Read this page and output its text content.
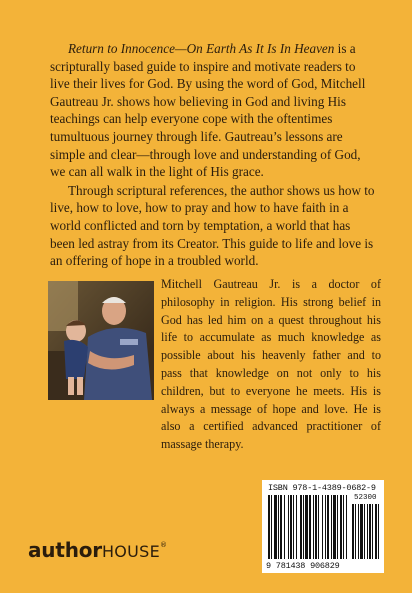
Return to Innocence—On Earth As It Is In Heaven is a scripturally based guide to inspire and motivate readers to live their lives for God. By using the word of God, Mitchell Gautreau Jr. shows how believing in God and living His teachings can help everyone cope with the oftentimes tumultuous journey through life. Gautreau’s lessons are simple and clear—through love and understanding of God, we can all walk in the light of His grace.

Through scriptural references, the author shows us how to live, how to love, how to pray and how to have faith in a world conflicted and torn by temptation, a world that has been led astray from its Creator. This guide to life and love is an offering of hope in a troubled world.

Mitchell Gautreau Jr. is a doctor of philosophy in religion. His strong belief in God has led him on a quest throughout his life to accumulate as much knowledge as possible about his heavenly father and to pass that knowledge on not only to his children, but to everyone he meets. His is always a message of hope and love. He is also a certified advanced practitioner of massage therapy.

authorHOUSE®
ISBN 978-1-4389-0682-9
52300
9 781438 906829
